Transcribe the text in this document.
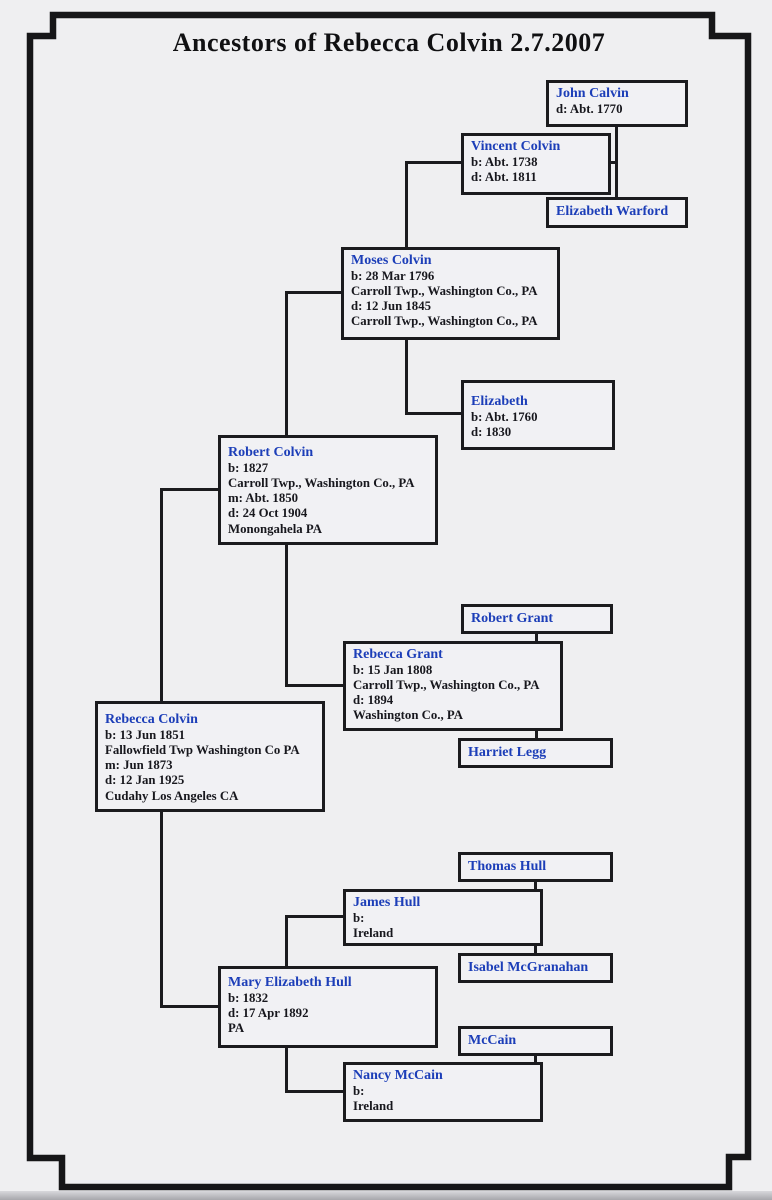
Ancestors of Rebecca Colvin 2.7.2007
John Calvin
d: Abt. 1770
Vincent Colvin
b: Abt. 1738
d: Abt. 1811
Elizabeth Warford
Moses Colvin
b: 28 Mar 1796
Carroll Twp., Washington Co., PA
d: 12 Jun 1845
Carroll Twp., Washington Co., PA
Elizabeth
b: Abt. 1760
d: 1830
Robert Colvin
b: 1827
Carroll Twp., Washington Co., PA
m: Abt. 1850
d: 24 Oct 1904
Monongahela PA
Robert Grant
Rebecca Grant
b: 15 Jan 1808
Carroll Twp., Washington Co., PA
d: 1894
Washington Co., PA
Harriet Legg
Rebecca Colvin
b: 13 Jun 1851
Fallowfield Twp Washington Co PA
m: Jun 1873
d: 12 Jan 1925
Cudahy Los Angeles CA
Thomas Hull
James Hull
b:
Ireland
Isabel McGranahan
Mary Elizabeth Hull
b: 1832
d: 17 Apr 1892
PA
McCain
Nancy McCain
b:
Ireland
